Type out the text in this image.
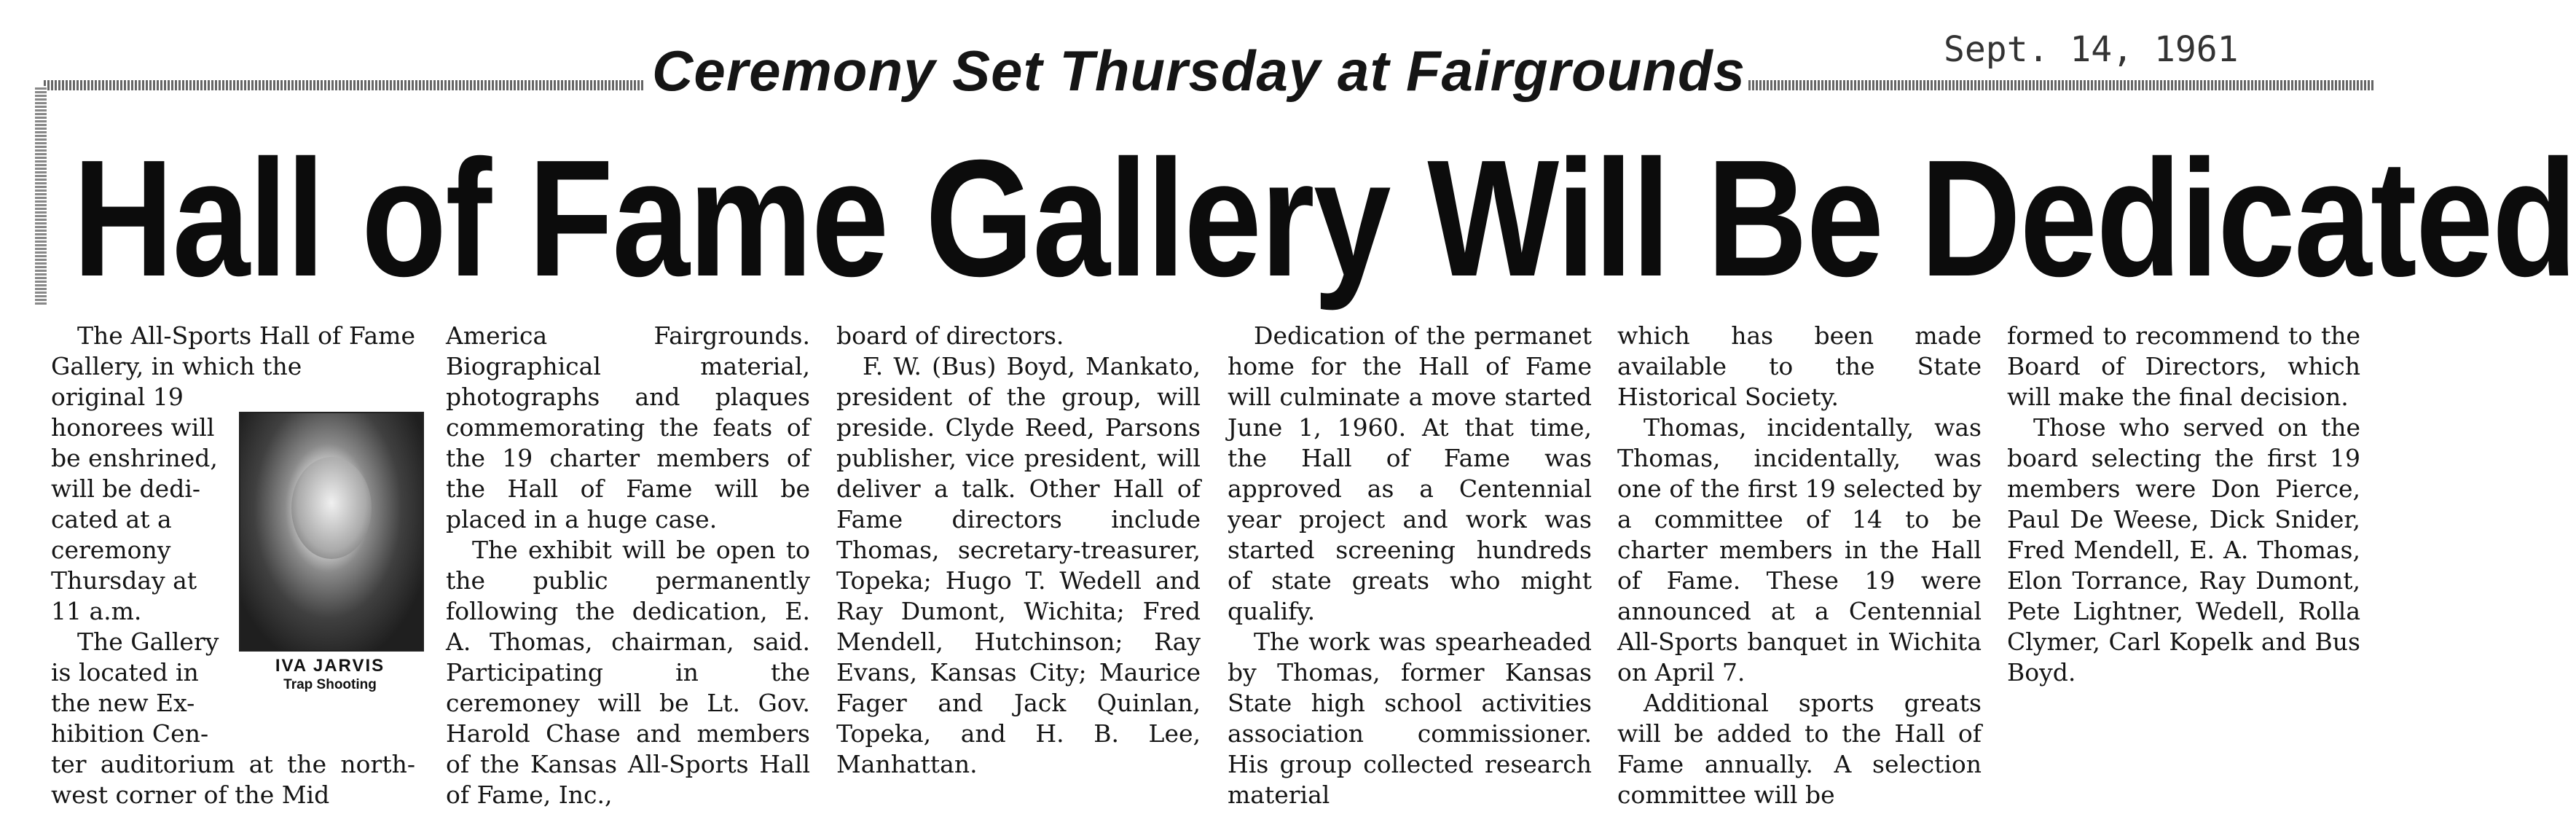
Ceremony Set Thursday at Fairgrounds	Sept. 14, 1961
Hall of Fame Gallery Will Be Dedicated

The All-Sports Hall of Fame Gallery, in which the

original 19
honorees will
be enshrined,
will be dedi-
cated at a
ceremony
Thursday at
11 a.m.
The Gallery
is located in
the new Ex-
hibition Cen-

ter auditorium at the north-west corner of the Mid

IVA JARVIS
Trap Shooting

America Fairgrounds. Biographical material, photographs and plaques commemorating the feats of the 19 charter members of the Hall of Fame will be placed in a huge case.

The exhibit will be open to the public permanently following the dedication, E. A. Thomas, chairman, said. Participating in the ceremoney will be Lt. Gov. Harold Chase and members of the Kansas All-Sports Hall of Fame, Inc.,

board of directors.

F. W. (Bus) Boyd, Mankato, president of the group, will preside. Clyde Reed, Parsons publisher, vice president, will deliver a talk. Other Hall of Fame directors include Thomas, secretary-treasurer, Topeka; Hugo T. Wedell and Ray Dumont, Wichita; Fred Mendell, Hutchinson; Ray Evans, Kansas City; Maurice Fager and Jack Quinlan, Topeka, and H. B. Lee, Manhattan.

Dedication of the permanet home for the Hall of Fame will culminate a move started June 1, 1960. At that time, the Hall of Fame was approved as a Centennial year project and work was started screening hundreds of state greats who might qualify.

The work was spearheaded by Thomas, former Kansas State high school activities association commissioner. His group collected research material

which has been made available to the State Historical Society.

Thomas, incidentally, was Thomas, incidentally, was one of the first 19 selected by a committee of 14 to be charter members in the Hall of Fame. These 19 were announced at a Centennial All-Sports banquet in Wichita on April 7.

Additional sports greats will be added to the Hall of Fame annually. A selection committee will be

formed to recommend to the Board of Directors, which will make the final decision.

Those who served on the board selecting the first 19 members were Don Pierce, Paul De Weese, Dick Snider, Fred Mendell, E. A. Thomas, Elon Torrance, Ray Dumont, Pete Lightner, Wedell, Rolla Clymer, Carl Kopelk and Bus Boyd.
